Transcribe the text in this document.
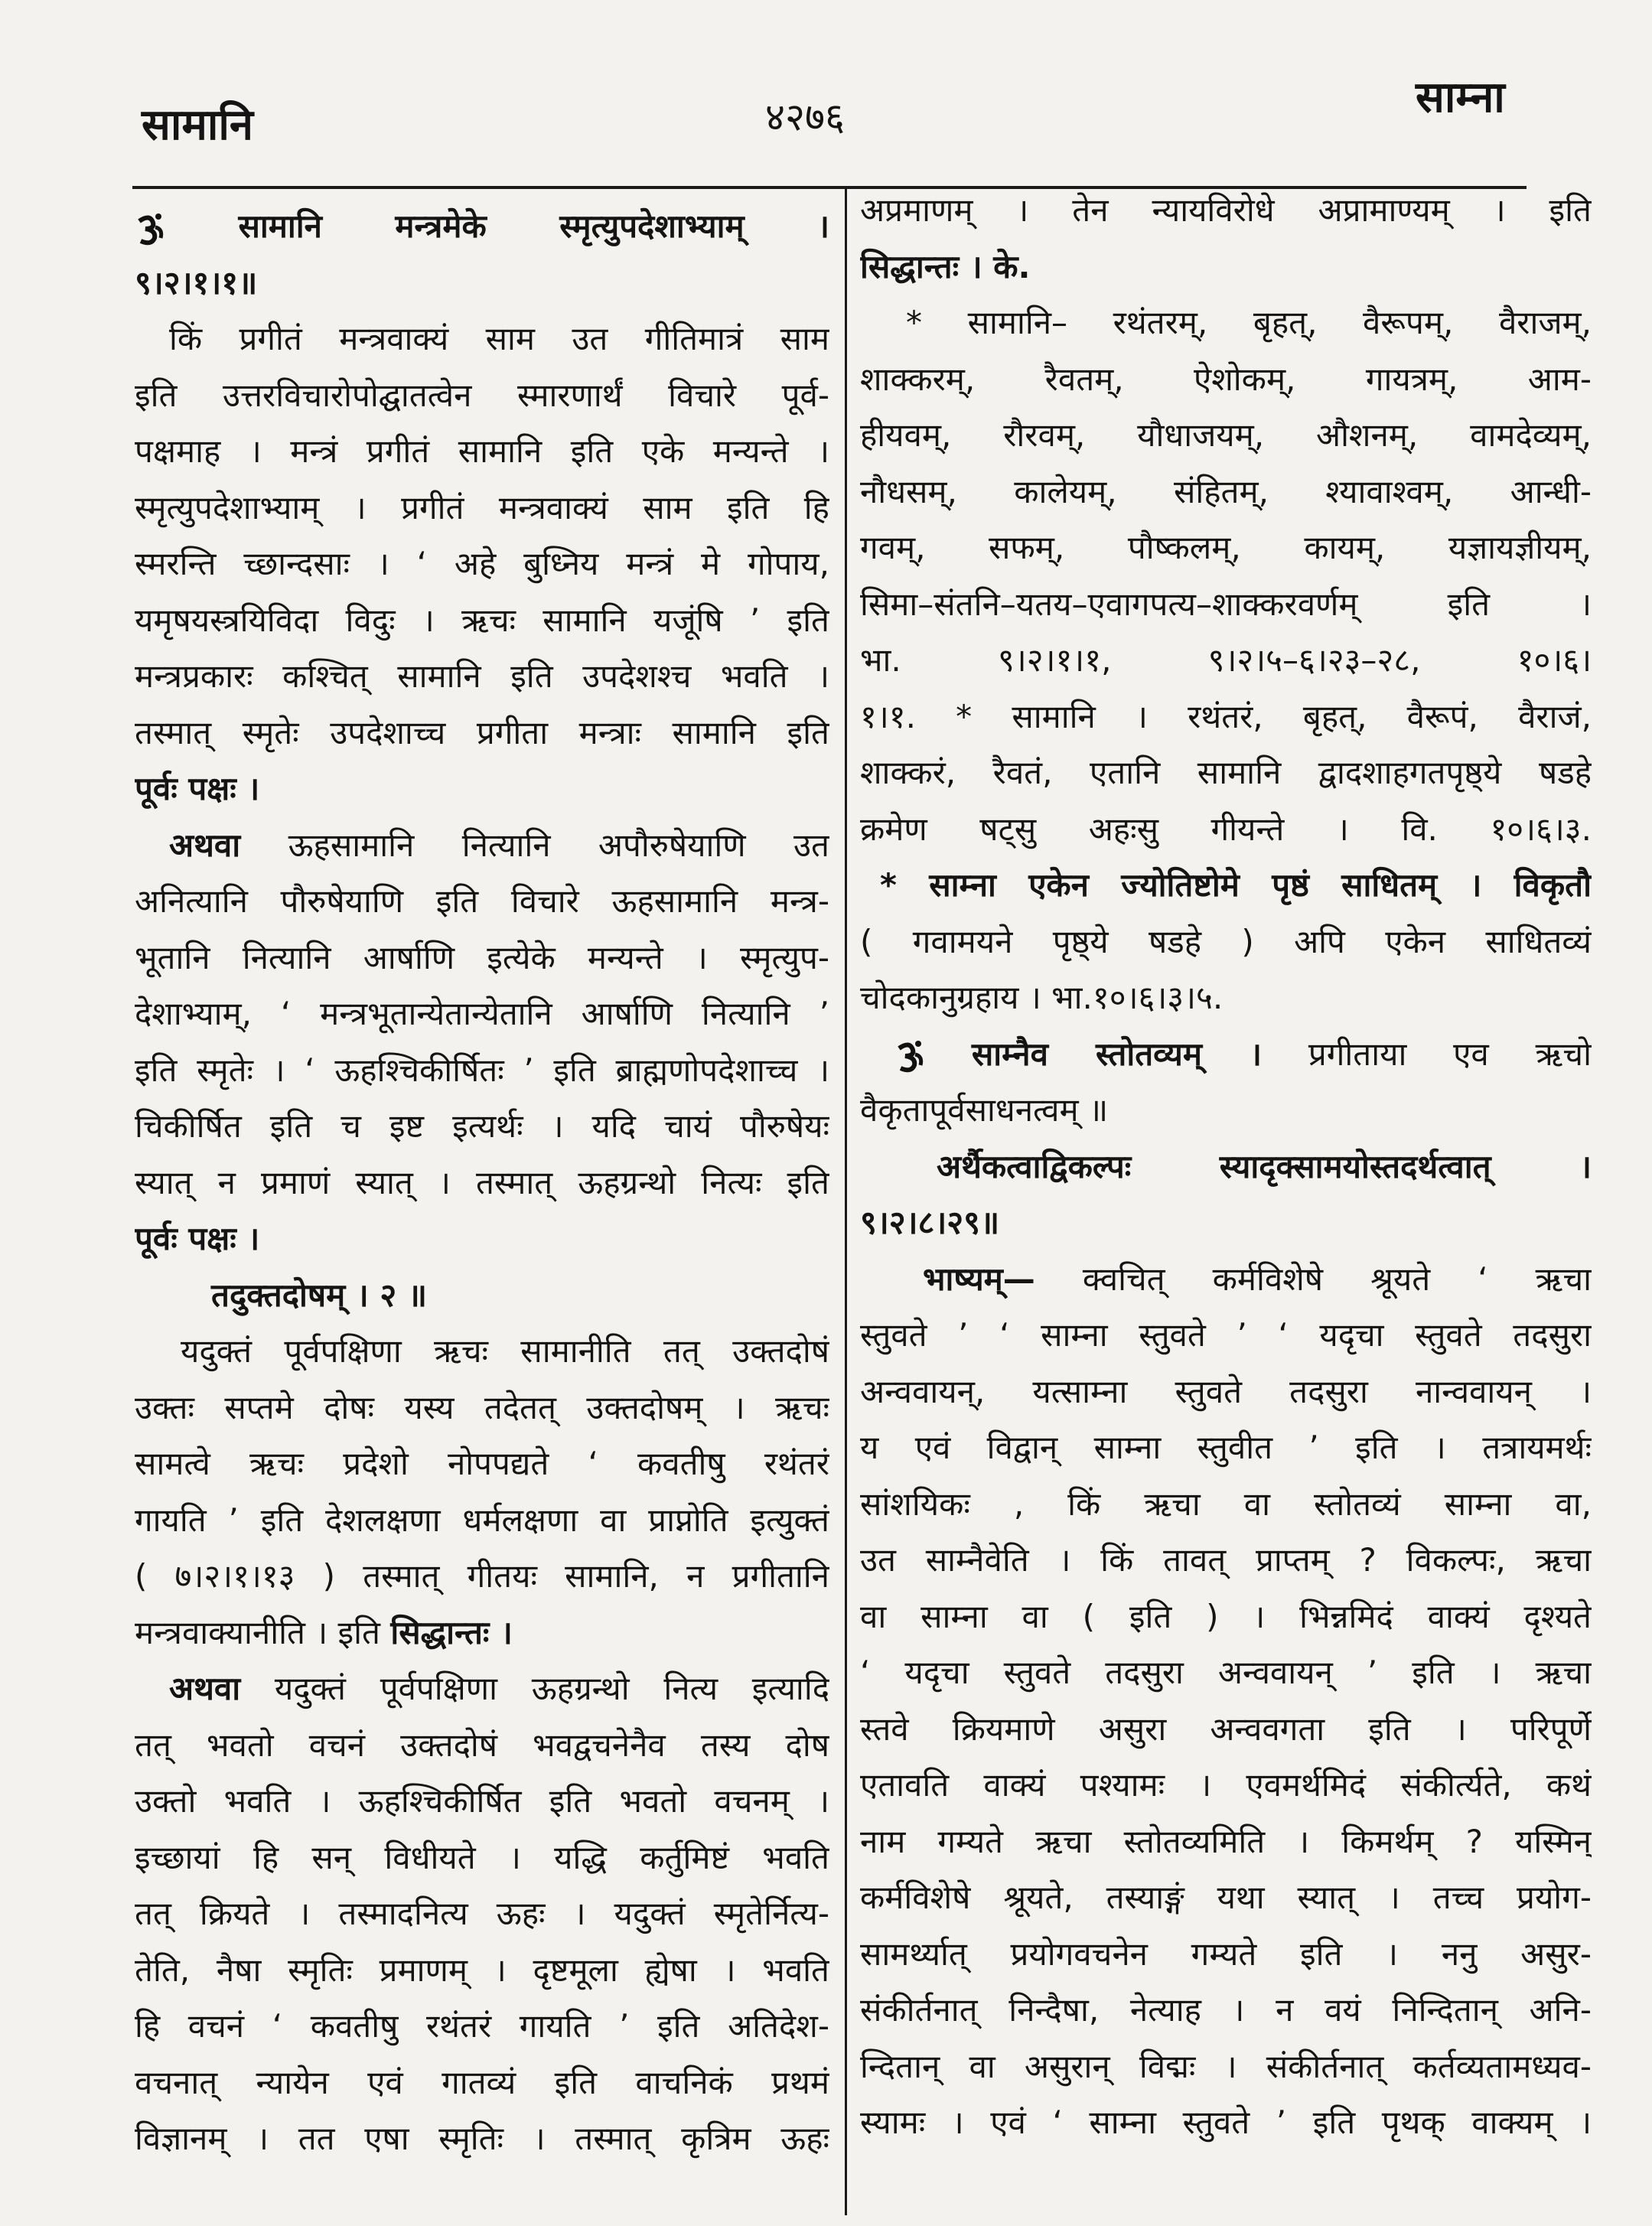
सामानि	४२७६	साम्ना
सामानि मन्त्रमेके स्मृत्युपदेशाभ्याम् ।
९।२।१।१॥
किं प्रगीतं मन्त्रवाक्यं साम उत गीतिमात्रं साम
इति उत्तरविचारोपोद्घातत्वेन स्मारणार्थं विचारे पूर्व-
पक्षमाह । मन्त्रं प्रगीतं सामानि इति एके मन्यन्ते ।
स्मृत्युपदेशाभ्याम् । प्रगीतं मन्त्रवाक्यं साम इति हि
स्मरन्ति च्छान्दसाः । ‘ अहे बुध्निय मन्त्रं मे गोपाय,
यमृषयस्त्रयिविदा विदुः । ऋचः सामानि यजूंषि ’ इति
मन्त्रप्रकारः कश्चित् सामानि इति उपदेशश्च भवति ।
तस्मात् स्मृतेः उपदेशाच्च प्रगीता मन्त्राः सामानि इति
पूर्वः पक्षः ।
अथवा ऊहसामानि नित्यानि अपौरुषेयाणि उत
अनित्यानि पौरुषेयाणि इति विचारे ऊहसामानि मन्त्र-
भूतानि नित्यानि आर्षाणि इत्येके मन्यन्ते । स्मृत्युप-
देशाभ्याम्, ‘ मन्त्रभूतान्येतान्येतानि आर्षाणि नित्यानि ’
इति स्मृतेः । ‘ ऊहश्चिकीर्षितः ’ इति ब्राह्मणोपदेशाच्च ।
चिकीर्षित इति च इष्ट इत्यर्थः । यदि चायं पौरुषेयः
स्यात् न प्रमाणं स्यात् । तस्मात् ऊहग्रन्थो नित्यः इति
पूर्वः पक्षः ।
तदुक्तदोषम् । २ ॥
यदुक्तं पूर्वपक्षिणा ऋचः सामानीति तत् उक्तदोषं
उक्तः सप्तमे दोषः यस्य तदेतत् उक्तदोषम् । ऋचः
सामत्वे ऋचः प्रदेशो नोपपद्यते ‘ कवतीषु रथंतरं
गायति ’ इति देशलक्षणा धर्मलक्षणा वा प्राप्नोति इत्युक्तं
( ७।२।१।१३ ) तस्मात् गीतयः सामानि, न प्रगीतानि
मन्त्रवाक्यानीति । इति सिद्धान्तः ।
अथवा यदुक्तं पूर्वपक्षिणा ऊहग्रन्थो नित्य इत्यादि
तत् भवतो वचनं उक्तदोषं भवद्वचनेनैव तस्य दोष
उक्तो भवति । ऊहश्चिकीर्षित इति भवतो वचनम् ।
इच्छायां हि सन् विधीयते । यद्धि कर्तुमिष्टं भवति
तत् क्रियते । तस्मादनित्य ऊहः । यदुक्तं स्मृतेर्नित्य-
तेति, नैषा स्मृतिः प्रमाणम् । दृष्टमूला ह्येषा । भवति
हि वचनं ‘ कवतीषु रथंतरं गायति ’ इति अतिदेश-
वचनात् न्यायेन एवं गातव्यं इति वाचनिकं प्रथमं
विज्ञानम् । तत एषा स्मृतिः । तस्मात् कृत्रिम ऊहः
अप्रमाणम् । तेन न्यायविरोधे अप्रामाण्यम् । इति
सिद्धान्तः । के.
* सामानि– रथंतरम्, बृहत्, वैरूपम्, वैराजम्,
शाक्करम्, रैवतम्, ऐशोकम्, गायत्रम्, आम-
हीयवम्, रौरवम्, यौधाजयम्, औशनम्, वामदेव्यम्,
नौधसम्, कालेयम्, संहितम्, श्यावाश्वम्, आन्धी-
गवम्, सफम्, पौष्कलम्, कायम्, यज्ञायज्ञीयम्,
सिमा–संतनि–यतय–एवागपत्य–शाक्करवर्णम् इति ।
भा. ९।२।१।१, ९।२।५–६।२३–२८, १०।६।
१।१. * सामानि । रथंतरं, बृहत्, वैरूपं, वैराजं,
शाक्करं, रैवतं, एतानि सामानि द्वादशाहगतपृष्ठ्ये षडहे
क्रमेण षट्सु अहःसु गीयन्ते । वि. १०।६।३.
* साम्ना एकेन ज्योतिष्टोमे पृष्ठं साधितम् । विकृतौ
( गवामयने पृष्ठ्ये षडहे ) अपि एकेन साधितव्यं
चोदकानुग्रहाय । भा.१०।६।३।५.
साम्नैव स्तोतव्यम् । प्रगीताया एव ऋचो
वैकृतापूर्वसाधनत्वम् ॥
अर्थैकत्वाद्विकल्पः स्यादृक्सामयोस्तदर्थत्वात् ।
९।२।८।२९॥
भाष्यम्— क्वचित् कर्मविशेषे श्रूयते ‘ ऋचा
स्तुवते ’ ‘ साम्ना स्तुवते ’ ‘ यदृचा स्तुवते तदसुरा
अन्ववायन्, यत्साम्ना स्तुवते तदसुरा नान्ववायन् ।
य एवं विद्वान् साम्ना स्तुवीत ’ इति । तत्रायमर्थः
सांशयिकः , किं ऋचा वा स्तोतव्यं साम्ना वा,
उत साम्नैवेति । किं तावत् प्राप्तम् ? विकल्पः, ऋचा
वा साम्ना वा ( इति ) । भिन्नमिदं वाक्यं दृश्यते
‘ यदृचा स्तुवते तदसुरा अन्ववायन् ’ इति । ऋचा
स्तवे क्रियमाणे असुरा अन्ववगता इति । परिपूर्णे
एतावति वाक्यं पश्यामः । एवमर्थमिदं संकीर्त्यते, कथं
नाम गम्यते ऋचा स्तोतव्यमिति । किमर्थम् ? यस्मिन्
कर्मविशेषे श्रूयते, तस्याङ्गं यथा स्यात् । तच्च प्रयोग-
सामर्थ्यात् प्रयोगवचनेन गम्यते इति । ननु असुर-
संकीर्तनात् निन्दैषा, नेत्याह । न वयं निन्दितान् अनि-
न्दितान् वा असुरान् विद्मः । संकीर्तनात् कर्तव्यतामध्यव-
स्यामः । एवं ‘ साम्ना स्तुवते ’ इति पृथक् वाक्यम् ।
